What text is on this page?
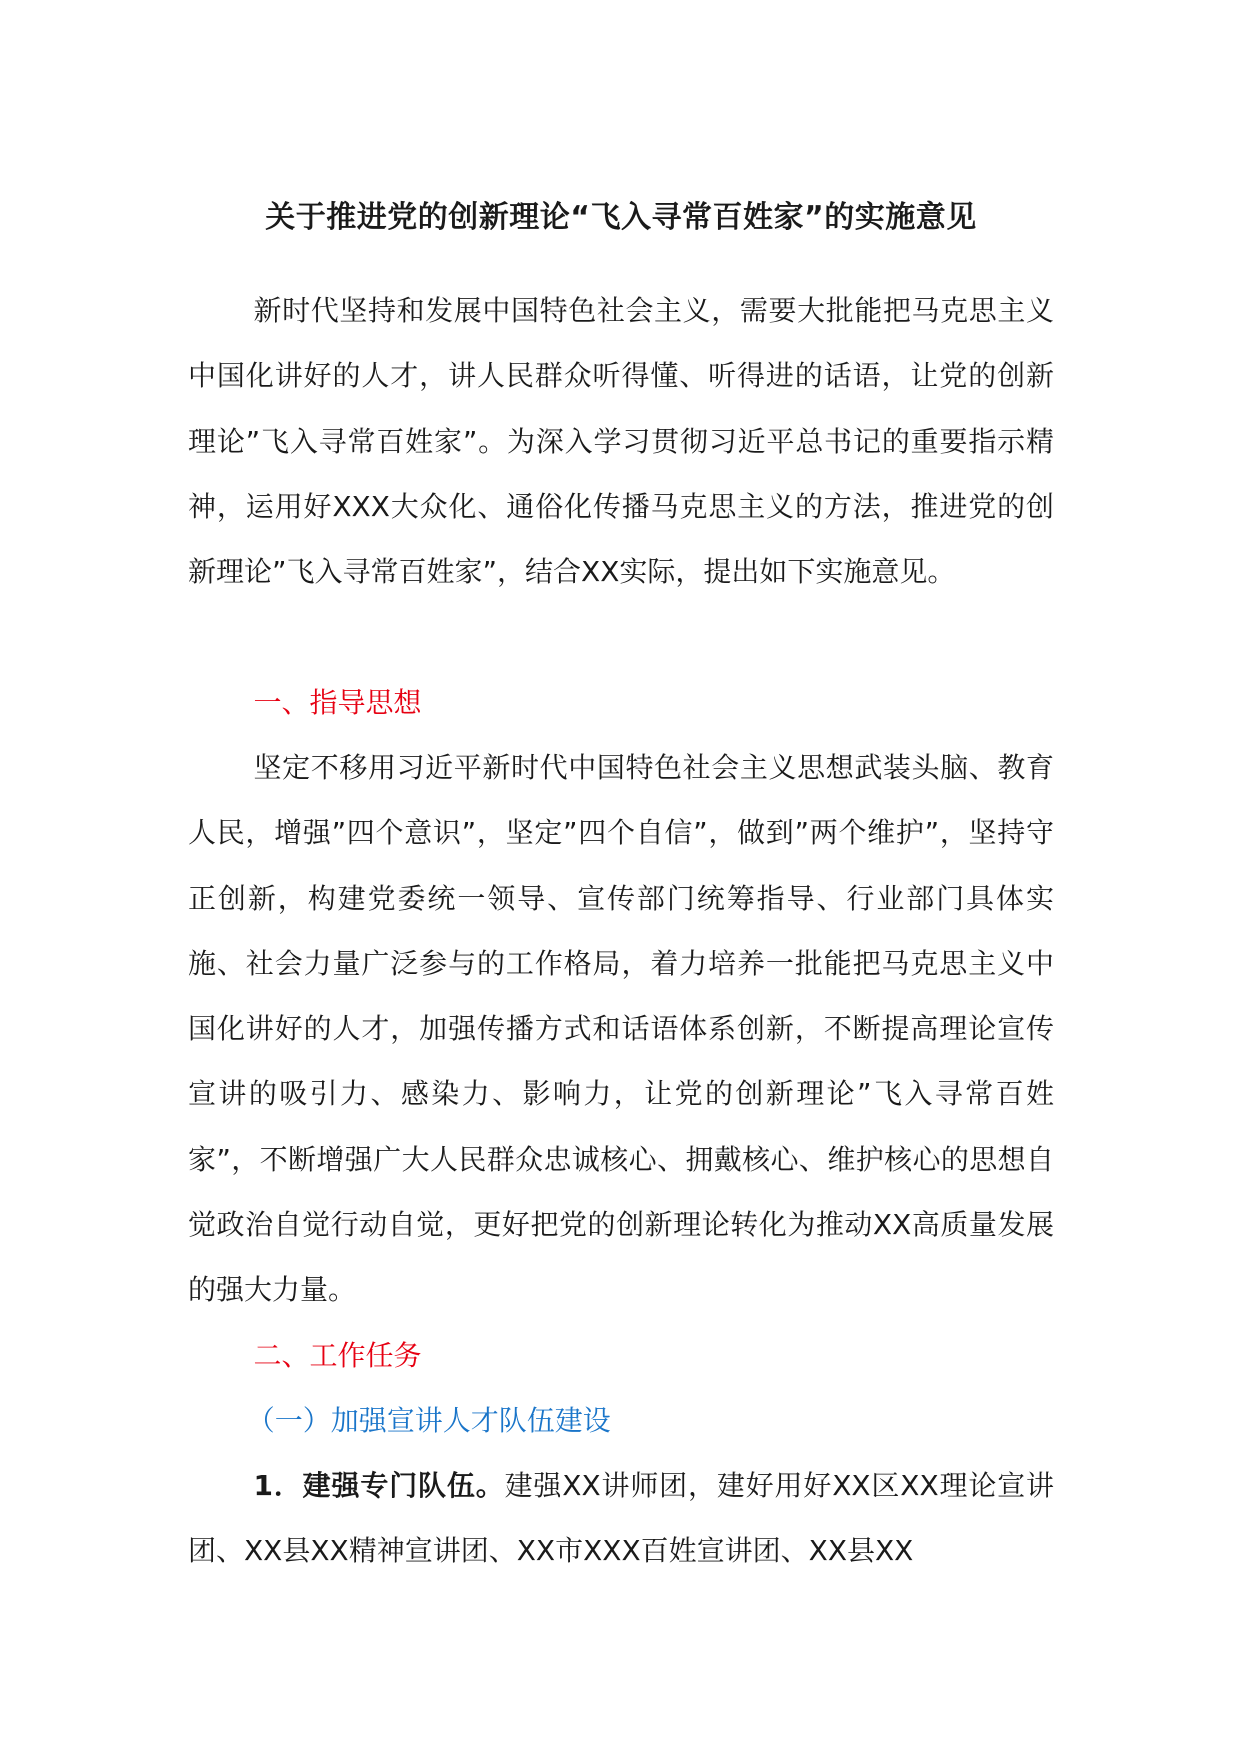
关于推进党的创新理论“飞入寻常百姓家”的实施意见

新时代坚持和发展中国特色社会主义，需要大批能把马克思主义中国化讲好的人才，讲人民群众听得懂、听得进的话语，让党的创新理论”飞入寻常百姓家”。为深入学习贯彻习近平总书记的重要指示精神，运用好XXX大众化、通俗化传播马克思主义的方法，推进党的创新理论”飞入寻常百姓家”，结合XX实际，提出如下实施意见。

一、指导思想

坚定不移用习近平新时代中国特色社会主义思想武装头脑、教育人民，增强”四个意识”，坚定”四个自信”，做到”两个维护”，坚持守正创新，构建党委统一领导、宣传部门统筹指导、行业部门具体实施、社会力量广泛参与的工作格局，着力培养一批能把马克思主义中国化讲好的人才，加强传播方式和话语体系创新，不断提高理论宣传宣讲的吸引力、感染力、影响力，让党的创新理论”飞入寻常百姓家”，不断增强广大人民群众忠诚核心、拥戴核心、维护核心的思想自觉政治自觉行动自觉，更好把党的创新理论转化为推动XX高质量发展的强大力量。

二、工作任务

（一）加强宣讲人才队伍建设

1．建强专门队伍。建强XX讲师团，建好用好XX区XX理论宣讲团、XX县XX精神宣讲团、XX市XXX百姓宣讲团、XX县XX
